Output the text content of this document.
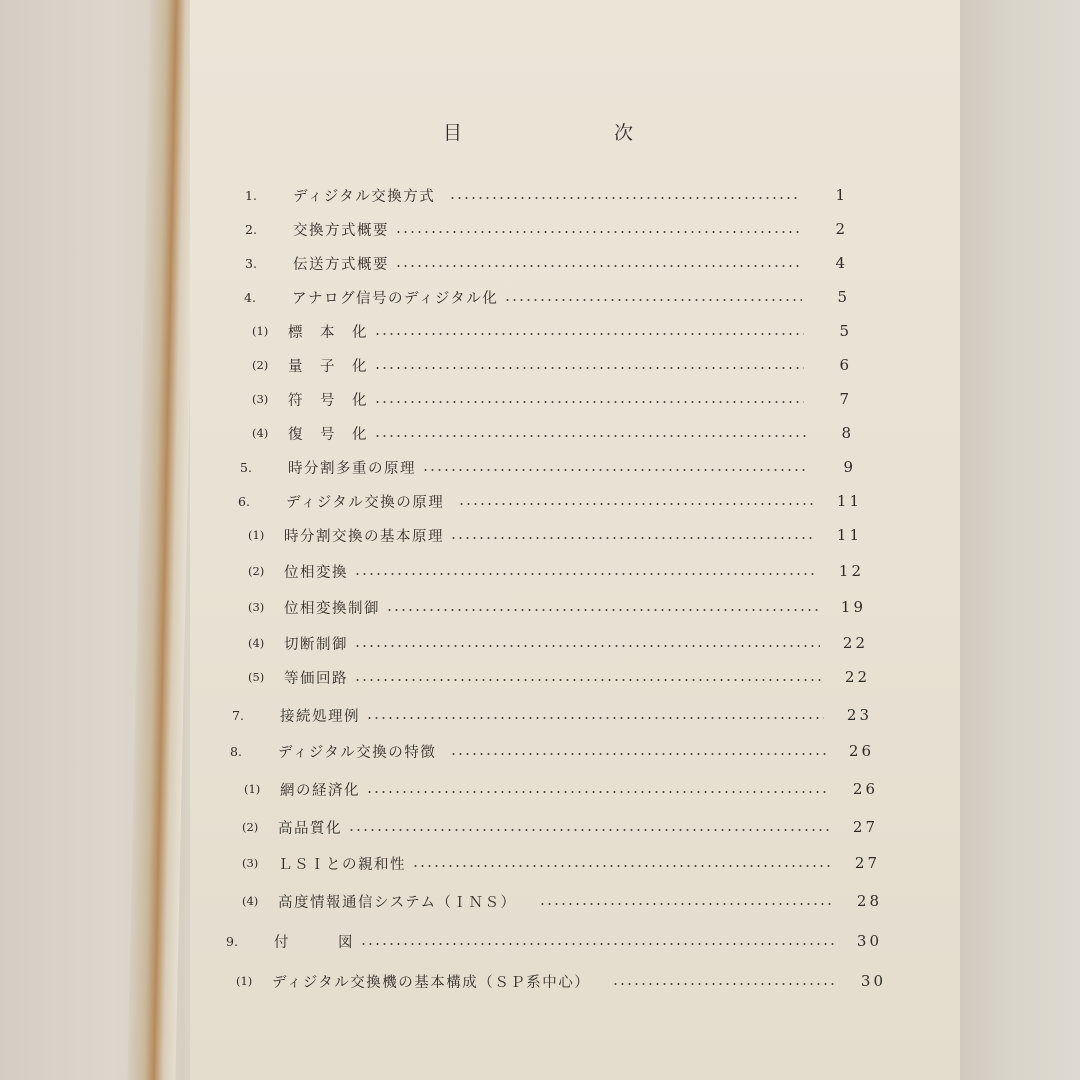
目	次
1.	ディジタル交換方式	1
2.	交換方式概要	2
3.	伝送方式概要	4
4.	アナログ信号のディジタル化	5
(1)	標　本　化	5
(2)	量　子　化	6
(3)	符　号　化	7
(4)	復　号　化	8
5.	時分割多重の原理	9
6.	ディジタル交換の原理	11
(1)	時分割交換の基本原理	11
(2)	位相変換	12
(3)	位相変換制御	19
(4)	切断制御	22
(5)	等価回路	22
7.	接続処理例	23
8.	ディジタル交換の特徴	26
(1)	網の経済化	26
(2)	高品質化	27
(3)	ＬＳＩとの親和性	27
(4)	高度情報通信システム（ＩＮＳ）	28
9.	付　　　図	30
(1)	ディジタル交換機の基本構成（ＳＰ系中心）	30
